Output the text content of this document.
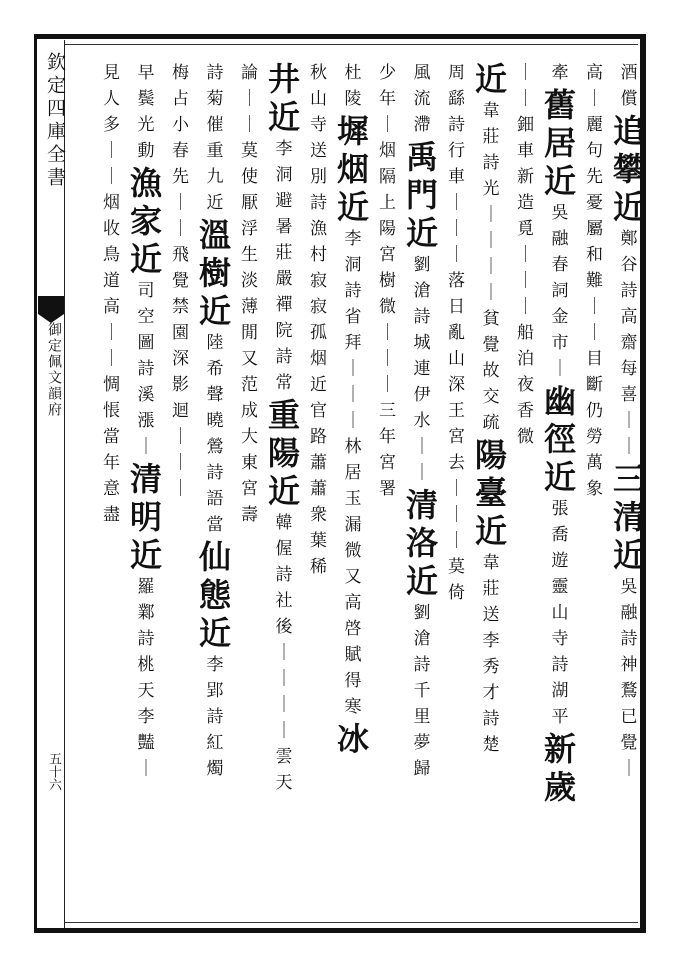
欽定四庫全書
御定佩文韻府
五十六
酒
償
追
攀
近
鄭
谷
詩
高
齋
每
喜
｜
｜
三
清
近
吳
融
詩
神
鶩
已
覺
｜
高
｜
麗
句
先
憂
屬
和
難
｜
｜
目
斷
仍
勞
萬
象
牽
舊
居
近
吳
融
春
詞
金
市
｜
幽
徑
近
張
喬
遊
靈
山
寺
詩
湖
平
新
歲
｜
｜
鈿
車
新
造
覓
｜
｜
｜
船
泊
夜
香
微
近
韋
莊
詩
光
｜
｜
｜
｜
貧
覺
故
交
疏
陽
臺
近
韋
莊
送
李
秀
才
詩
楚
周
繇
詩
行
車
｜
｜
｜
落
日
亂
山
深
王
宮
去
｜
｜
｜
莫
倚
風
流
滯
禹
門
近
劉
滄
詩
城
連
伊
水
｜
｜
清
洛
近
劉
滄
詩
千
里
夢
歸
少
年
｜
烟
隔
上
陽
宮
樹
微
｜
｜
｜
三
年
宮
署
杜
陵
墀
烟
近
李
洞
詩
省
拜
｜
｜
｜
林
居
玉
漏
微
又
高
啓
賦
得
寒
冰
秋
山
寺
送
別
詩
漁
村
寂
寂
孤
烟
近
官
路
蕭
蕭
衆
葉
稀
井
近
李
洞
避
暑
莊
嚴
禪
院
詩
常
重
陽
近
韓
偓
詩
社
後
｜
｜
｜
｜
雲
天
論
｜
｜
莫
使
厭
浮
生
淡
薄
閒
又
范
成
大
東
宮
壽
詩
菊
催
重
九
近
溫
樹
近
陸
希
聲
曉
鶯
詩
語
當
仙
態
近
李
郢
詩
紅
燭
梅
占
小
春
先
｜
｜
飛
覺
禁
園
深
影
迴
｜
｜
｜
早
鬓
光
動
漁
家
近
司
空
圖
詩
溪
漲
｜
清
明
近
羅
鄴
詩
桃
天
李
豔
｜
見
人
多
｜
｜
烟
收
鳥
道
高
｜
｜
惆
悵
當
年
意
盡
